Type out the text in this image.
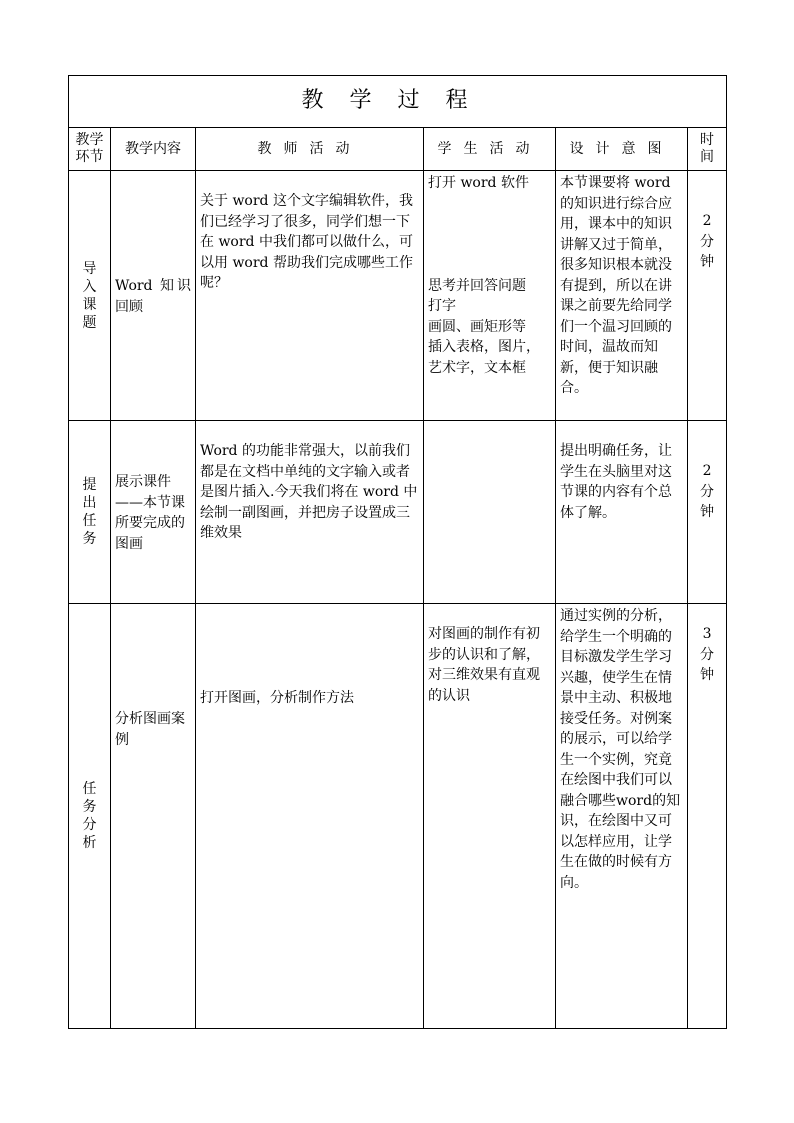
教学过程					

教学
环节	教学内容	教师活动	学生活动	设计意图	时
间

导
入
课
题	Word 知识回顾	关于 word 这个文字编辑软件，我们已经学习了很多，同学们想一下在 word 中我们都可以做什么，可以用 word 帮助我们完成哪些工作呢？	打开 word 软件
思考并回答问题
打字
画圆、画矩形等
插入表格，图片，艺术字，文本框	本节课要将 word 的知识进行综合应用，课本中的知识讲解又过于简单，很多知识根本就没有提到，所以在讲课之前要先给同学们一个温习回顾的时间，温故而知新，便于知识融合。	2
分
钟

提
出
任
务	展示课件——本节课所要完成的图画	Word 的功能非常强大，以前我们都是在文档中单纯的文字输入或者是图片插入.今天我们将在 word 中绘制一副图画，并把房子设置成三维效果		提出明确任务，让学生在头脑里对这节课的内容有个总体了解。	2
分
钟

任
务
分
析	分析图画案例	打开图画，分析制作方法	对图画的制作有初步的认识和了解，对三维效果有直观的认识	通过实例的分析，给学生一个明确的目标激发学生学习兴趣，使学生在情景中主动、积极地接受任务。对例案的展示，可以给学生一个实例，究竟在绘图中我们可以融合哪些word的知识，在绘图中又可以怎样应用，让学生在做的时候有方向。	3
分
钟
